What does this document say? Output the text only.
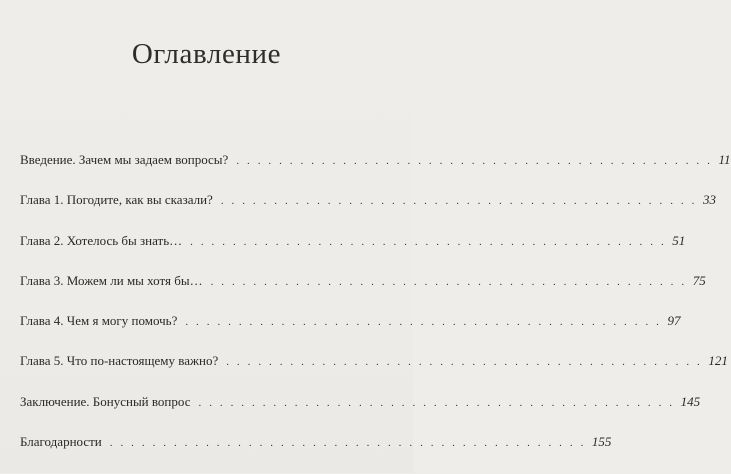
Оглавление
Введение. Зачем мы задаем вопросы? . . . . . . . . . . . . . . . . . . . . . . . . . . . . . . . . . . . . . . . . . . . . . 11
Глава 1. Погодите, как вы сказали? . . . . . . . . . . . . . . . . . . . . . . . . . . . . . . . . . . . . . . . . . . . . . 33
Глава 2. Хотелось бы знать… . . . . . . . . . . . . . . . . . . . . . . . . . . . . . . . . . . . . . . . . . . . . . 51
Глава 3. Можем ли мы хотя бы… . . . . . . . . . . . . . . . . . . . . . . . . . . . . . . . . . . . . . . . . . . . . . 75
Глава 4. Чем я могу помочь? . . . . . . . . . . . . . . . . . . . . . . . . . . . . . . . . . . . . . . . . . . . . . 97
Глава 5. Что по-настоящему важно? . . . . . . . . . . . . . . . . . . . . . . . . . . . . . . . . . . . . . . . . . . . . . 121
Заключение. Бонусный вопрос . . . . . . . . . . . . . . . . . . . . . . . . . . . . . . . . . . . . . . . . . . . . . 145
Благодарности . . . . . . . . . . . . . . . . . . . . . . . . . . . . . . . . . . . . . . . . . . . . . 155
